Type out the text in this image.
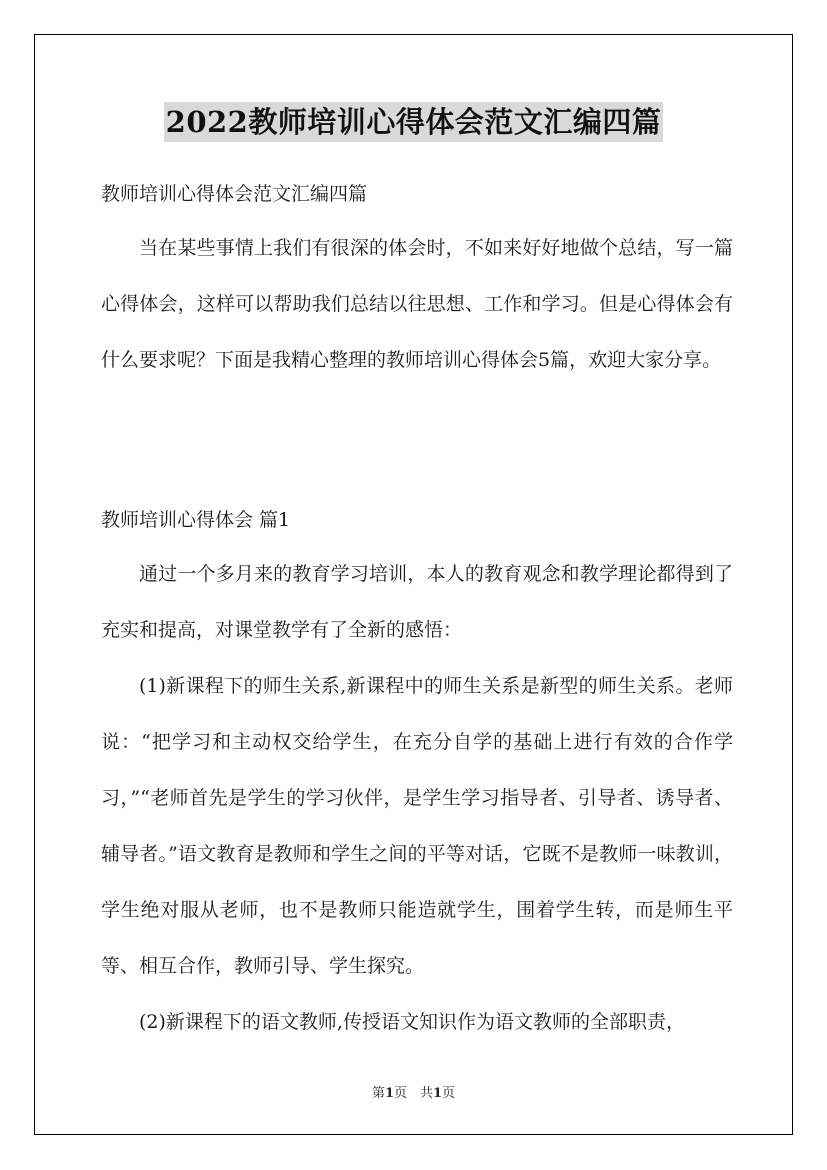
2022教师培训心得体会范文汇编四篇
教师培训心得体会范文汇编四篇

当在某些事情上我们有很深的体会时，不如来好好地做个总结，写一篇心得体会，这样可以帮助我们总结以往思想、工作和学习。但是心得体会有什么要求呢？下面是我精心整理的教师培训心得体会5篇，欢迎大家分享。

教师培训心得体会 篇1

通过一个多月来的教育学习培训，本人的教育观念和教学理论都得到了充实和提高，对课堂教学有了全新的感悟：

(1)新课程下的师生关系,新课程中的师生关系是新型的师生关系。老师说：“把学习和主动权交给学生，在充分自学的基础上进行有效的合作学习，”“老师首先是学生的学习伙伴，是学生学习指导者、引导者、诱导者、辅导者。”语文教育是教师和学生之间的平等对话，它既不是教师一味教训，学生绝对服从老师，也不是教师只能造就学生，围着学生转，而是师生平等、相互合作，教师引导、学生探究。

(2)新课程下的语文教师,传授语文知识作为语文教师的全部职责，

第1页　共1页
